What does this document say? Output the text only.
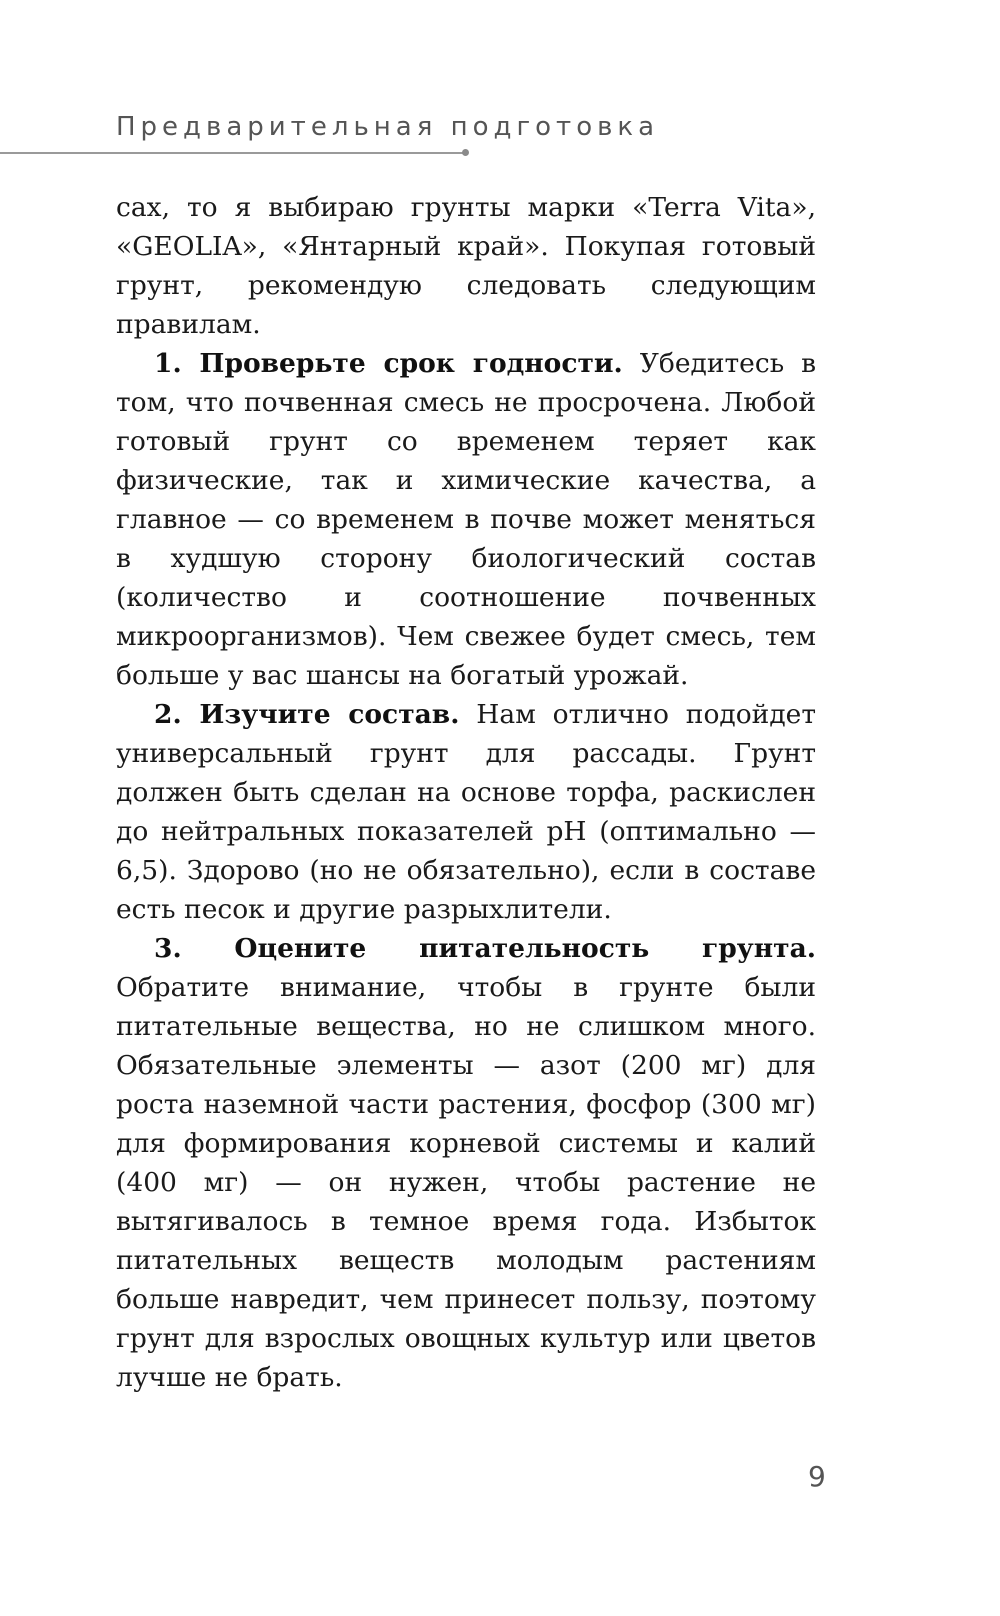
Предварительная подготовка

сах, то я выбираю грунты марки «Terra Vita», «GEOLIA», «Янтарный край». Покупая готовый грунт, рекомендую следовать следующим правилам.

1. Проверьте срок годности. Убедитесь в том, что почвенная смесь не просрочена. Любой готовый грунт со временем теряет как физические, так и химические качества, а главное — со временем в почве может меняться в худшую сторону биологический состав (количество и соотношение почвенных микроорганизмов). Чем свежее будет смесь, тем больше у вас шансы на богатый урожай.

2. Изучите состав. Нам отлично подойдет универсальный грунт для рассады. Грунт должен быть сделан на основе торфа, раскислен до нейтральных показателей pH (оптимально — 6,5). Здорово (но не обязательно), если в составе есть песок и другие разрыхлители.

3. Оцените питательность грунта. Обратите внимание, чтобы в грунте были питательные вещества, но не слишком много. Обязательные элементы — азот (200 мг) для роста наземной части растения, фосфор (300 мг) для формирования корневой системы и калий (400 мг) — он нужен, чтобы растение не вытягивалось в темное время года. Избыток питательных веществ молодым растениям больше навредит, чем принесет пользу, поэтому грунт для взрослых овощных культур или цветов лучше не брать.

9
